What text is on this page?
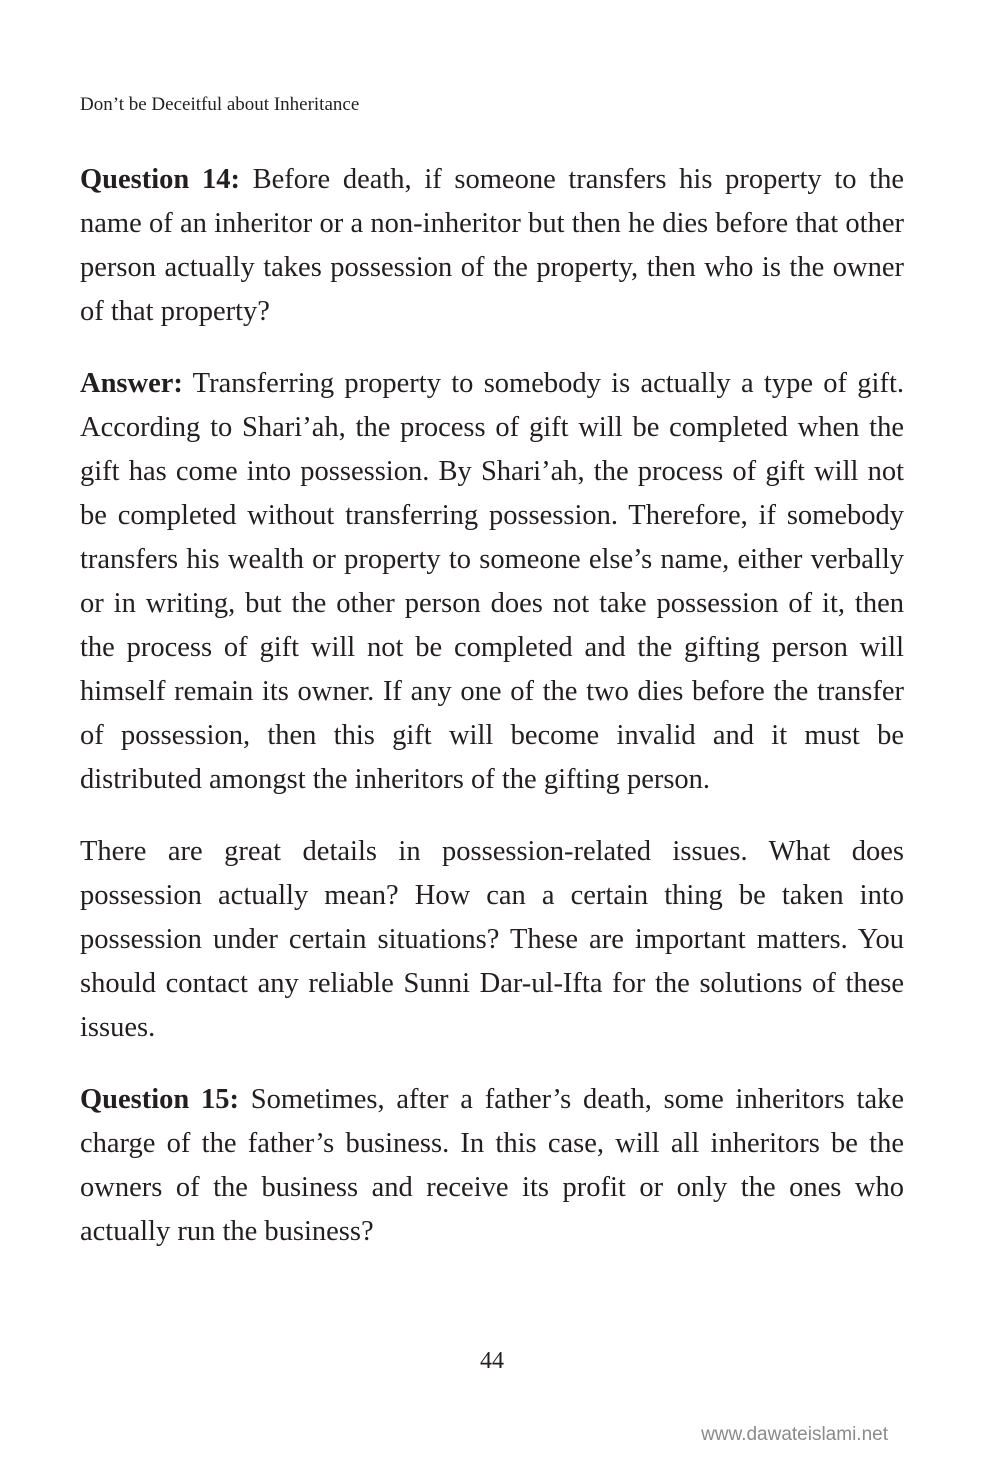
Don’t be Deceitful about Inheritance

Question 14: Before death, if someone transfers his property to the name of an inheritor or a non-inheritor but then he dies before that other person actually takes possession of the property, then who is the owner of that property?

Answer: Transferring property to somebody is actually a type of gift. According to Shari’ah, the process of gift will be completed when the gift has come into possession. By Shari’ah, the process of gift will not be completed without transferring possession. Therefore, if somebody transfers his wealth or property to someone else’s name, either verbally or in writing, but the other person does not take possession of it, then the process of gift will not be completed and the gifting person will himself remain its owner. If any one of the two dies before the transfer of possession, then this gift will become invalid and it must be distributed amongst the inheritors of the gifting person.

There are great details in possession-related issues. What does possession actually mean? How can a certain thing be taken into possession under certain situations? These are important matters. You should contact any reliable Sunni Dar-ul-Ifta for the solutions of these issues.

Question 15: Sometimes, after a father’s death, some inheritors take charge of the father’s business. In this case, will all inheritors be the owners of the business and receive its profit or only the ones who actually run the business?

44
www.dawateislami.net
